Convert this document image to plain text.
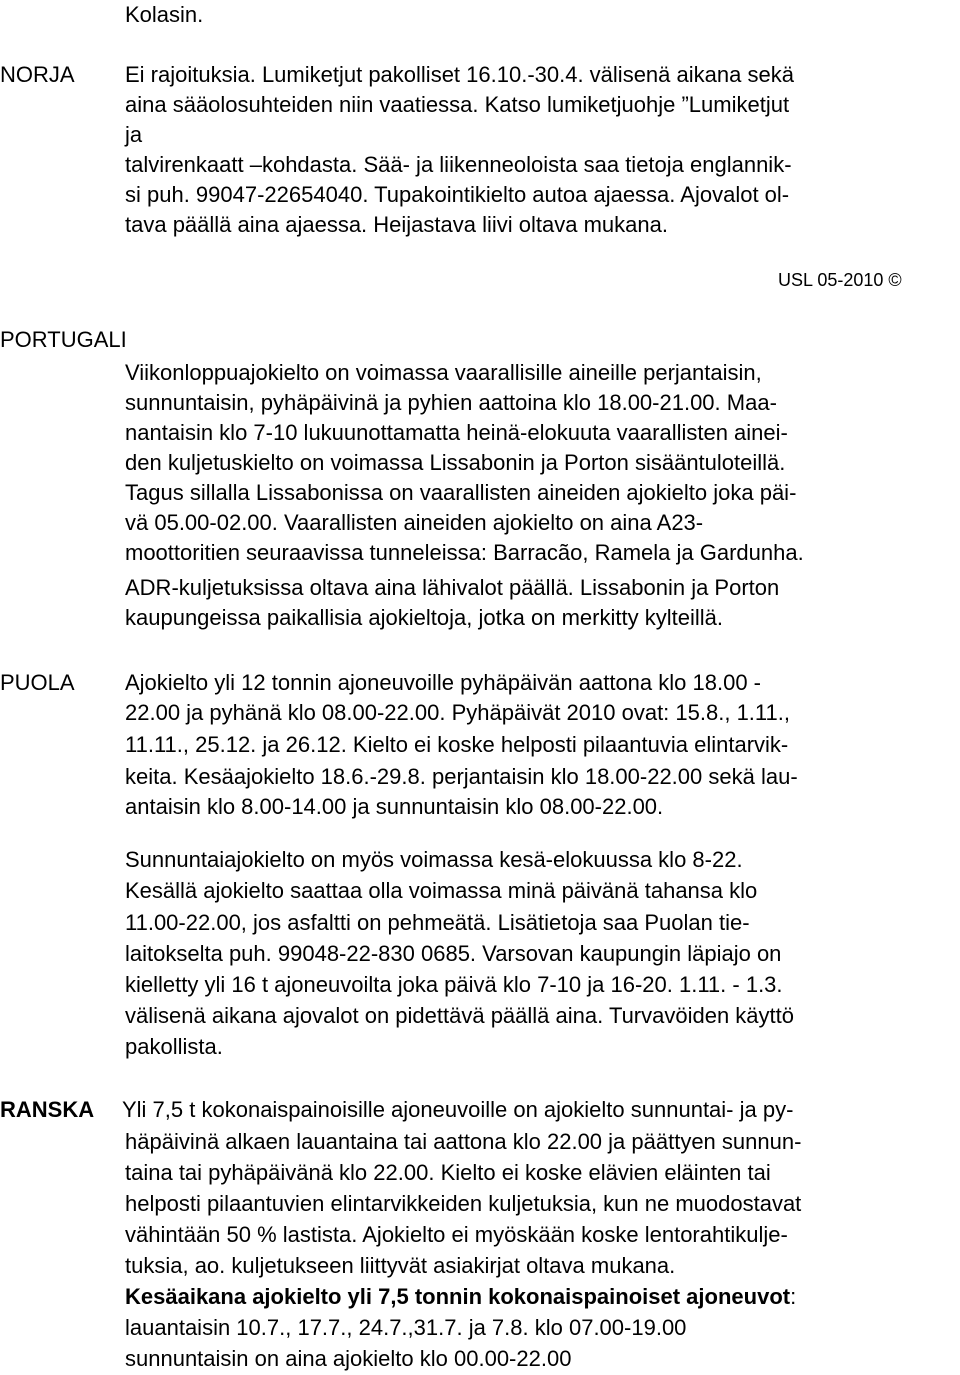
Kolasin.
NORJA Ei rajoituksia. Lumiketjut pakolliset 16.10.-30.4. välisenä aikana sekä
aina sääolosuhteiden niin vaatiessa. Katso lumiketjuohje ”Lumiketjut
ja
talvirenkaatt –kohdasta. Sää- ja liikenneoloista saa tietoja englannik-
si puh. 99047-22654040. Tupakointikielto autoa ajaessa. Ajovalot ol-
tava päällä aina ajaessa. Heijastava liivi oltava mukana.
USL 05-2010 ©
PORTUGALI
Viikonloppuajokielto on voimassa vaarallisille aineille perjantaisin,
sunnuntaisin, pyhäpäivinä ja pyhien aattoina klo 18.00-21.00. Maa-
nantaisin klo 7-10 lukuunottamatta heinä-elokuuta vaarallisten ainei-
den kuljetuskielto on voimassa Lissabonin ja Porton sisääntuloteillä.
Tagus sillalla Lissabonissa on vaarallisten aineiden ajokielto joka päi-
vä 05.00-02.00. Vaarallisten aineiden ajokielto on aina A23-
moottoritien seuraavissa tunneleissa: Barracão, Ramela ja Gardunha.
ADR-kuljetuksissa oltava aina lähivalot päällä. Lissabonin ja Porton
kaupungeissa paikallisia ajokieltoja, jotka on merkitty kylteillä.
PUOLA Ajokielto yli 12 tonnin ajoneuvoille pyhäpäivän aattona klo 18.00 -
22.00 ja pyhänä klo 08.00-22.00. Pyhäpäivät 2010 ovat: 15.8., 1.11.,
11.11., 25.12. ja 26.12. Kielto ei koske helposti pilaantuvia elintarvik-
keita. Kesäajokielto 18.6.-29.8. perjantaisin klo 18.00-22.00 sekä lau-
antaisin klo 8.00-14.00 ja sunnuntaisin klo 08.00-22.00.
Sunnuntaiajokielto on myös voimassa kesä-elokuussa klo 8-22.
Kesällä ajokielto saattaa olla voimassa minä päivänä tahansa klo
11.00-22.00, jos asfaltti on pehmeätä. Lisätietoja saa Puolan tie-
laitokselta puh. 99048-22-830 0685. Varsovan kaupungin läpiajo on
kielletty yli 16 t ajoneuvoilta joka päivä klo 7-10 ja 16-20. 1.11. - 1.3.
välisenä aikana ajovalot on pidettävä päällä aina. Turvavöiden käyttö
pakollista.
RANSKA Yli 7,5 t kokonaispainoisille ajoneuvoille on ajokielto sunnuntai- ja py-
häpäivinä alkaen lauantaina tai aattona klo 22.00 ja päättyen sunnun-
taina tai pyhäpäivänä klo 22.00. Kielto ei koske elävien eläinten tai
helposti pilaantuvien elintarvikkeiden kuljetuksia, kun ne muodostavat
vähintään 50 % lastista. Ajokielto ei myöskään koske lentorahtikulje-
tuksia, ao. kuljetukseen liittyvät asiakirjat oltava mukana.
Kesäaikana ajokielto yli 7,5 tonnin kokonaispainoiset ajoneuvot:
lauantaisin 10.7., 17.7., 24.7.,31.7. ja 7.8. klo 07.00-19.00
sunnuntaisin on aina ajokielto klo 00.00-22.00
